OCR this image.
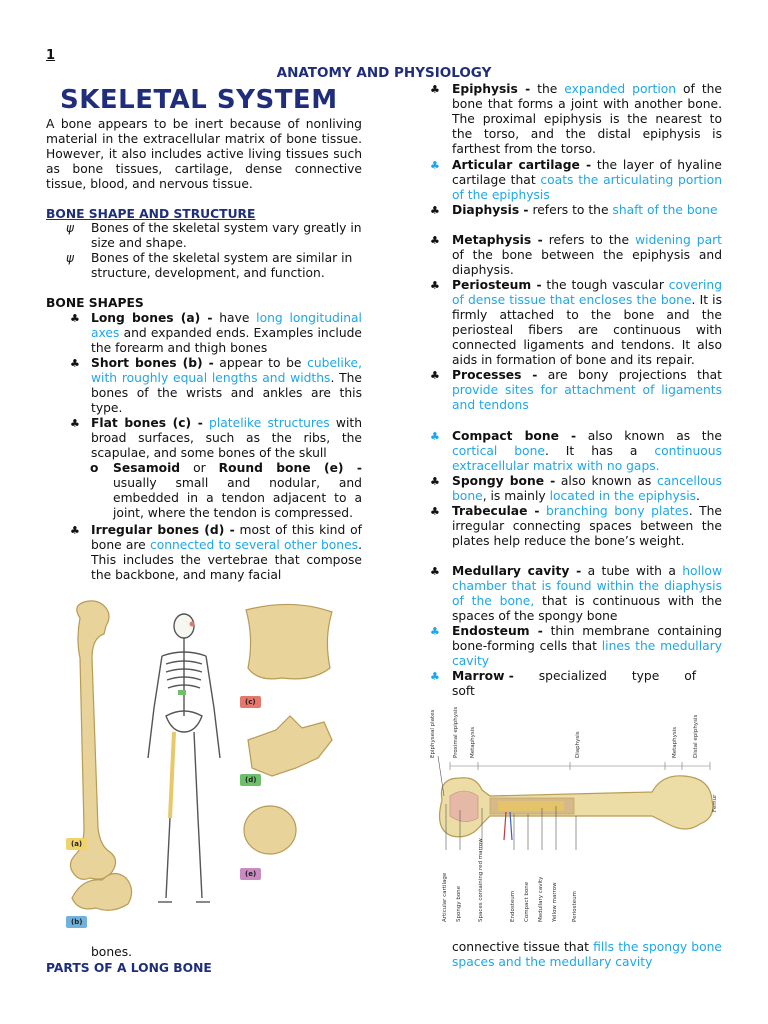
1
ANATOMY AND PHYSIOLOGY
SKELETAL SYSTEM
A bone appears to be inert because of nonliving material in the extracellular matrix of bone tissue. However, it also includes active living tissues such as bone tissues, cartilage, dense connective tissue, blood, and nervous tissue.
BONE SHAPE AND STRUCTURE
ψ Bones of the skeletal system vary greatly in size and shape.
ψ Bones of the skeletal system are similar in structure, development, and function.
BONE SHAPES
♣ Long bones (a) - have long longitudinal axes and expanded ends. Examples include the forearm and thigh bones
♣ Short bones (b) - appear to be cubelike, with roughly equal lengths and widths. The bones of the wrists and ankles are this type.
♣ Flat bones (c) - platelike structures with broad surfaces, such as the ribs, the scapulae, and some bones of the skull
o Sesamoid or Round bone (e) - usually small and nodular, and embedded in a tendon adjacent to a joint, where the tendon is compressed.
♣ Irregular bones (d) - most of this kind of bone are connected to several other bones. This includes the vertebrae that compose the backbone, and many facial
(a)
(b)
(c)
(d)
(e)
bones.
PARTS OF A LONG BONE
♣ Epiphysis - the expanded portion of the bone that forms a joint with another bone. The proximal epiphysis is the nearest to the torso, and the distal epiphysis is farthest from the torso.
♣ Articular cartilage - the layer of hyaline cartilage that coats the articulating portion of the epiphysis
♣ Diaphysis - refers to the shaft of the bone
♣ Metaphysis - refers to the widening part of the bone between the epiphysis and diaphysis.
♣ Periosteum - the tough vascular covering of dense tissue that encloses the bone. It is firmly attached to the bone and the periosteal fibers are continuous with connected ligaments and tendons. It also aids in formation of bone and its repair.
♣ Processes - are bony projections that provide sites for attachment of ligaments and tendons
♣ Compact bone - also known as the cortical bone. It has a continuous extracellular matrix with no gaps.
♣ Spongy bone - also known as cancellous bone, is mainly located in the epiphysis.
♣ Trabeculae - branching bony plates. The irregular connecting spaces between the plates help reduce the bone’s weight.
♣ Medullary cavity - a tube with a hollow chamber that is found within the diaphysis of the bone, that is continuous with the spaces of the spongy bone
♣ Endosteum - thin membrane containing bone-forming cells that lines the medullary cavity
♣ Marrow - specialized type of soft
Epiphyseal plates	Proximal epiphysis Metaphysis	Diaphysis	Metaphysis	Distal epiphysis
Femur
Articular cartilage Spongy bone	Spaces containing red marrow	Endosteum Compact bone Medullary cavity Yellow marrow	Periosteum
connective tissue that fills the spongy bone spaces and the medullary cavity
